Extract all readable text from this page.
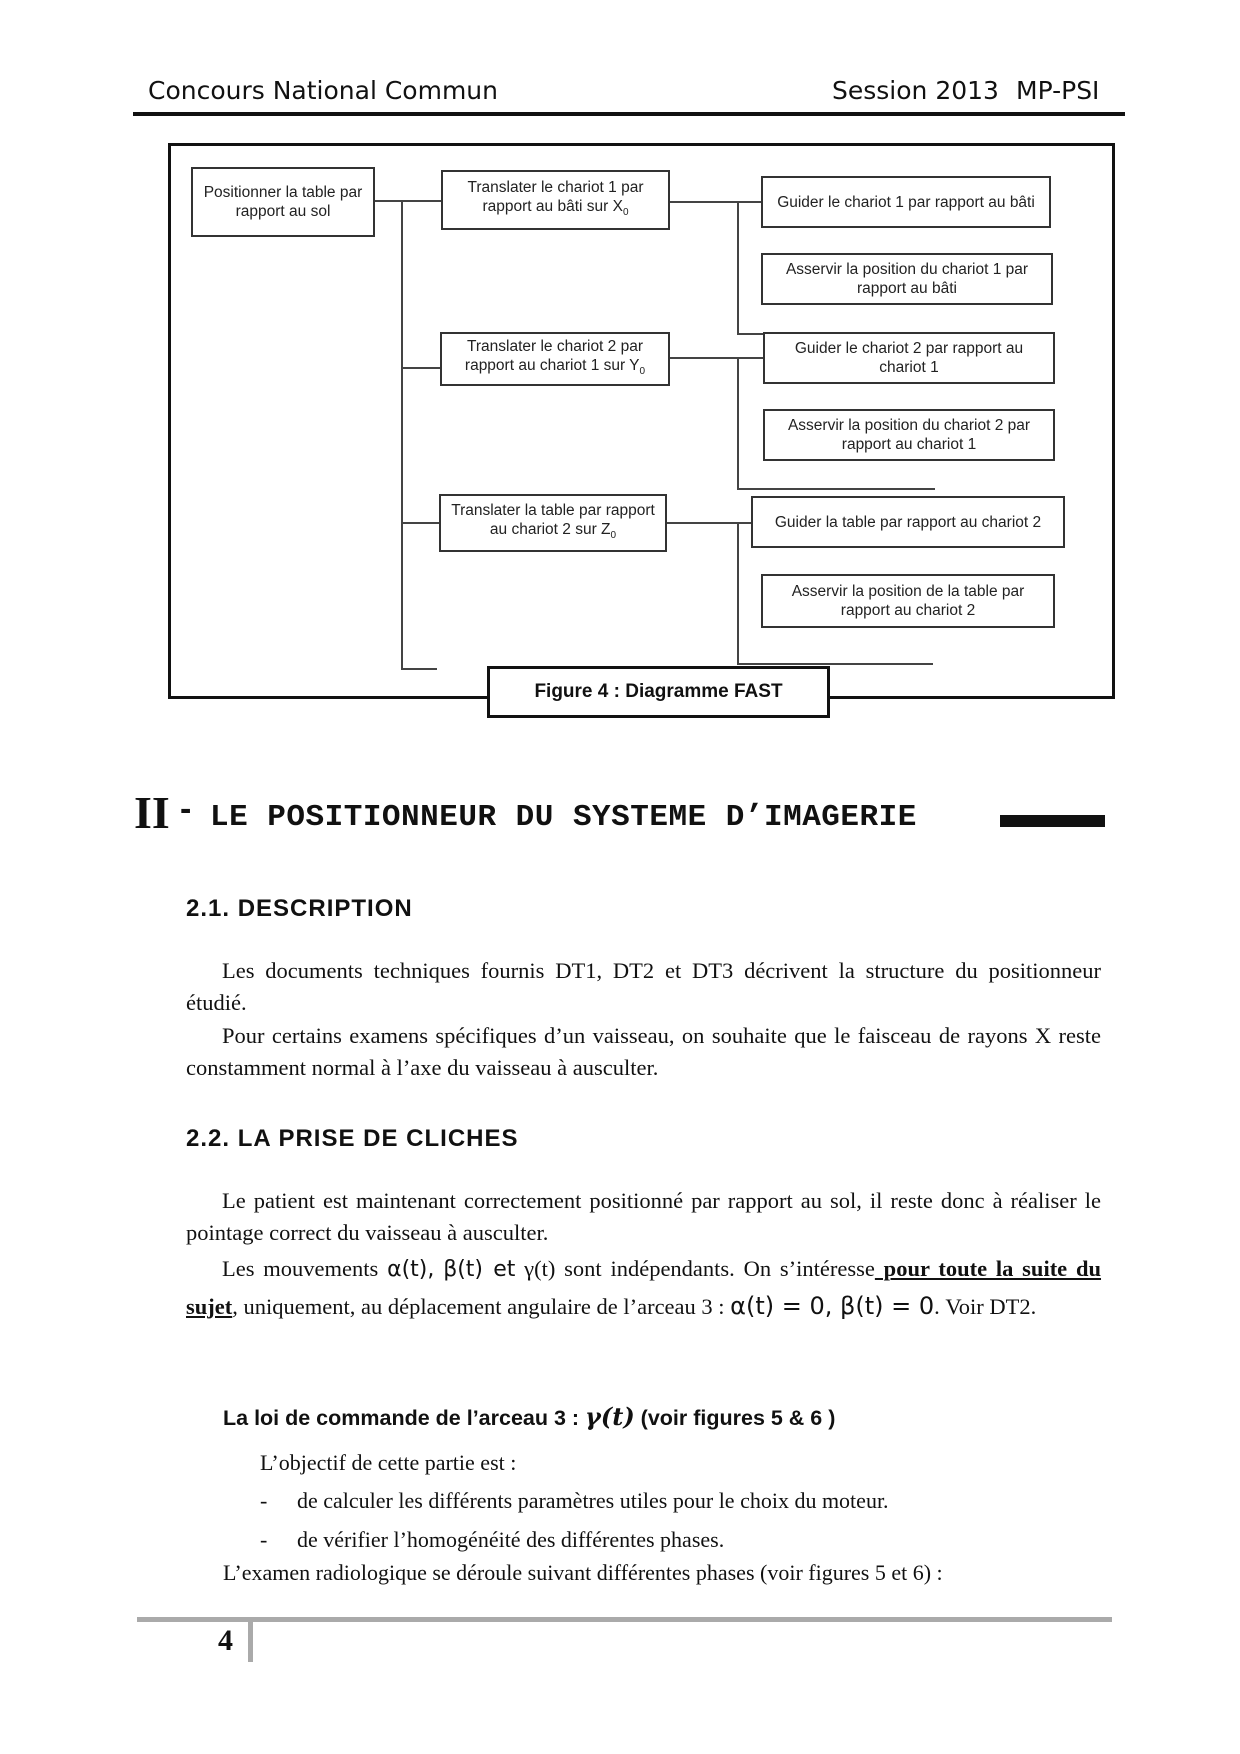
Concours National Commun	Session 2013 MP-PSI
Positionner la table par rapport au sol
Translater le chariot 1 par rapport au bâti sur $X_0$
Translater le chariot 2 par rapport au chariot 1 sur $Y_0$
Translater la table par rapport au chariot 2 sur $Z_0$
Guider le chariot 1 par rapport au bâti
Asservir la position du chariot 1 par rapport au bâti
Guider le chariot 2 par rapport au chariot 1
Asservir la position du chariot 2 par rapport au chariot 1
Guider la table par rapport au chariot 2
Asservir la position de la table par rapport au chariot 2
Figure 4 : Diagramme FAST
II - LE POSITIONNEUR DU SYSTEME D’IMAGERIE
2.1. DESCRIPTION
Les documents techniques fournis DT1, DT2 et DT3 décrivent la structure du positionneur étudié.
Pour certains examens spécifiques d’un vaisseau, on souhaite que le faisceau de rayons X reste constamment normal à l’axe du vaisseau à ausculter.
2.2. LA PRISE DE CLICHES
Le patient est maintenant correctement positionné par rapport au sol, il reste donc à réaliser le pointage correct du vaisseau à ausculter.
Les mouvements α(t), β(t) et γ(t) sont indépendants. On s’intéresse pour toute la suite du sujet, uniquement, au déplacement angulaire de l’arceau 3 : α(t) = 0, β(t) = 0. Voir DT2.
La loi de commande de l’arceau 3 : γ(t) (voir figures 5 & 6 )
L’objectif de cette partie est :
- de calculer les différents paramètres utiles pour le choix du moteur.
- de vérifier l’homogénéité des différentes phases.
L’examen radiologique se déroule suivant différentes phases (voir figures 5 et 6) :
4
